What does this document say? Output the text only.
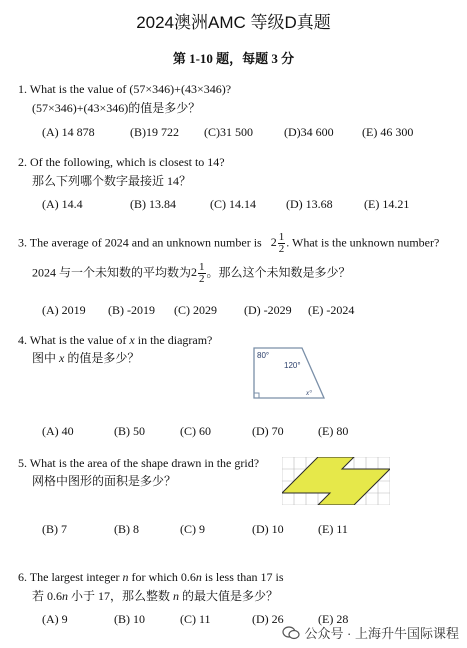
2024澳洲AMC 等级D真题
第 1-10 题，每题 3 分
1. What is the value of (57×346)+(43×346)?
(57×346)+(43×346)的值是多少？
(A) 14 878	(B)19 722 (C)31 500	(D)34 600 (E) 46 300
2. Of the following, which is closest to 14?
那么下列哪个数字最接近 14？
(A) 14.4	(B) 13.84	(C) 14.14	(D) 13.68	(E) 14.21
3. The average of 2024 and an unknown number is $2 \frac{1}{2}$ . What is the unknown number?
2024 与一个未知数的平均数为$2 \frac{1}{2}$ 。那么这个未知数是多少？
(A) 2019 (B) -2019 (C) 2029 (D) -2029 (E) -2024
4. What is the value of x in the diagram?
图中 x 的值是多少？	80°
120°
x°
(A) 40	(B) 50	(C) 60	(D) 70	(E) 80
5. What is the area of the shape drawn in the grid?
网格中图形的面积是多少？
(B) 7	(B) 8	(C) 9	(D) 10	(E) 11
6. The largest integer n for which 0.6n is less than 17 is
若 0.6n 小于 17，那么整数 n 的最大值是多少？
(A) 9	(B) 10	(C) 11	(D) 26	(E) 28
公众号 · 上海升牛国际课程
